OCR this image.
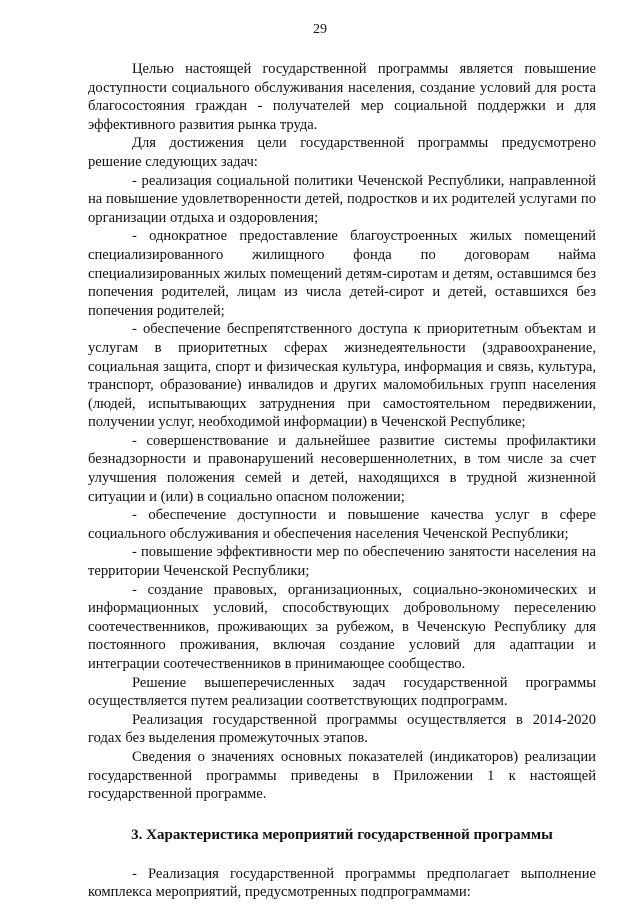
29

Целью настоящей государственной программы является повышение доступности социального обслуживания населения, создание условий для роста благосостояния граждан - получателей мер социальной поддержки и для эффективного развития рынка труда.

Для достижения цели государственной программы предусмотрено решение следующих задач:

- реализация социальной политики Чеченской Республики, направленной на повышение удовлетворенности детей, подростков и их родителей услугами по организации отдыха и оздоровления;

- однократное предоставление благоустроенных жилых помещений специализированного жилищного фонда по договорам найма специализированных жилых помещений детям-сиротам и детям, оставшимся без попечения родителей, лицам из числа детей-сирот и детей, оставшихся без попечения родителей;

- обеспечение беспрепятственного доступа к приоритетным объектам и услугам в приоритетных сферах жизнедеятельности (здравоохранение, социальная защита, спорт и физическая культура, информация и связь, культура, транспорт, образование) инвалидов и других маломобильных групп населения (людей, испытывающих затруднения при самостоятельном передвижении, получении услуг, необходимой информации) в Чеченской Республике;

- совершенствование и дальнейшее развитие системы профилактики безнадзорности и правонарушений несовершеннолетних, в том числе за счет улучшения положения семей и детей, находящихся в трудной жизненной ситуации и (или) в социально опасном положении;

- обеспечение доступности и повышение качества услуг в сфере социального обслуживания и обеспечения населения Чеченской Республики;

- повышение эффективности мер по обеспечению занятости населения на территории Чеченской Республики;

- создание правовых, организационных, социально-экономических и информационных условий, способствующих добровольному переселению соотечественников, проживающих за рубежом, в Чеченскую Республику для постоянного проживания, включая создание условий для адаптации и интеграции соотечественников в принимающее сообщество.

Решение вышеперечисленных задач государственной программы осуществляется путем реализации соответствующих подпрограмм.

Реализация государственной программы осуществляется в 2014-2020 годах без выделения промежуточных этапов.

Сведения о значениях основных показателей (индикаторов) реализации государственной программы приведены в Приложении 1 к настоящей государственной программе.

3. Характеристика мероприятий государственной программы

- Реализация государственной программы предполагает выполнение комплекса мероприятий, предусмотренных подпрограммами:
